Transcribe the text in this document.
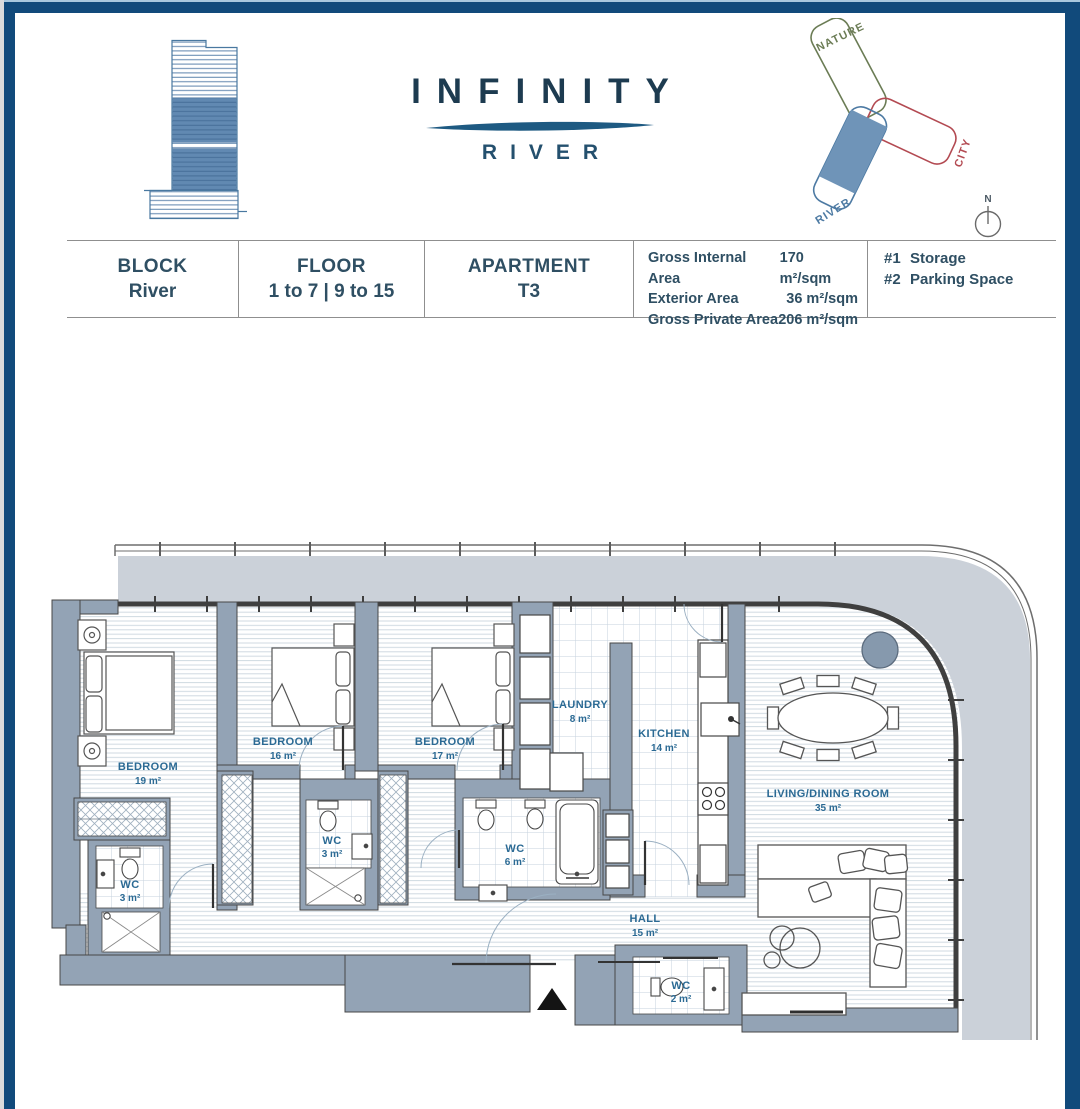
INFINITY
RIVER
NATURE
CITY
RIVER	N
BLOCK
River
FLOOR
1 to 7 | 9 to 15
APARTMENT
T3
Gross Internal Area
170 m²/sqm
Exterior Area	36 m²/sqm
Gross Private Area 206 m²/sqm
#1 Storage
#2 Parking Space
BEDROOM
19 m²
BEDROOM
16 m²
BEDROOM
17 m²
LAUNDRY
8 m²
KITCHEN
14 m²
LIVING/DINING ROOM
35 m²
WC
3 m²
WC
3 m²	WC
6 m²
HALL
15 m²
WC
2 m²
